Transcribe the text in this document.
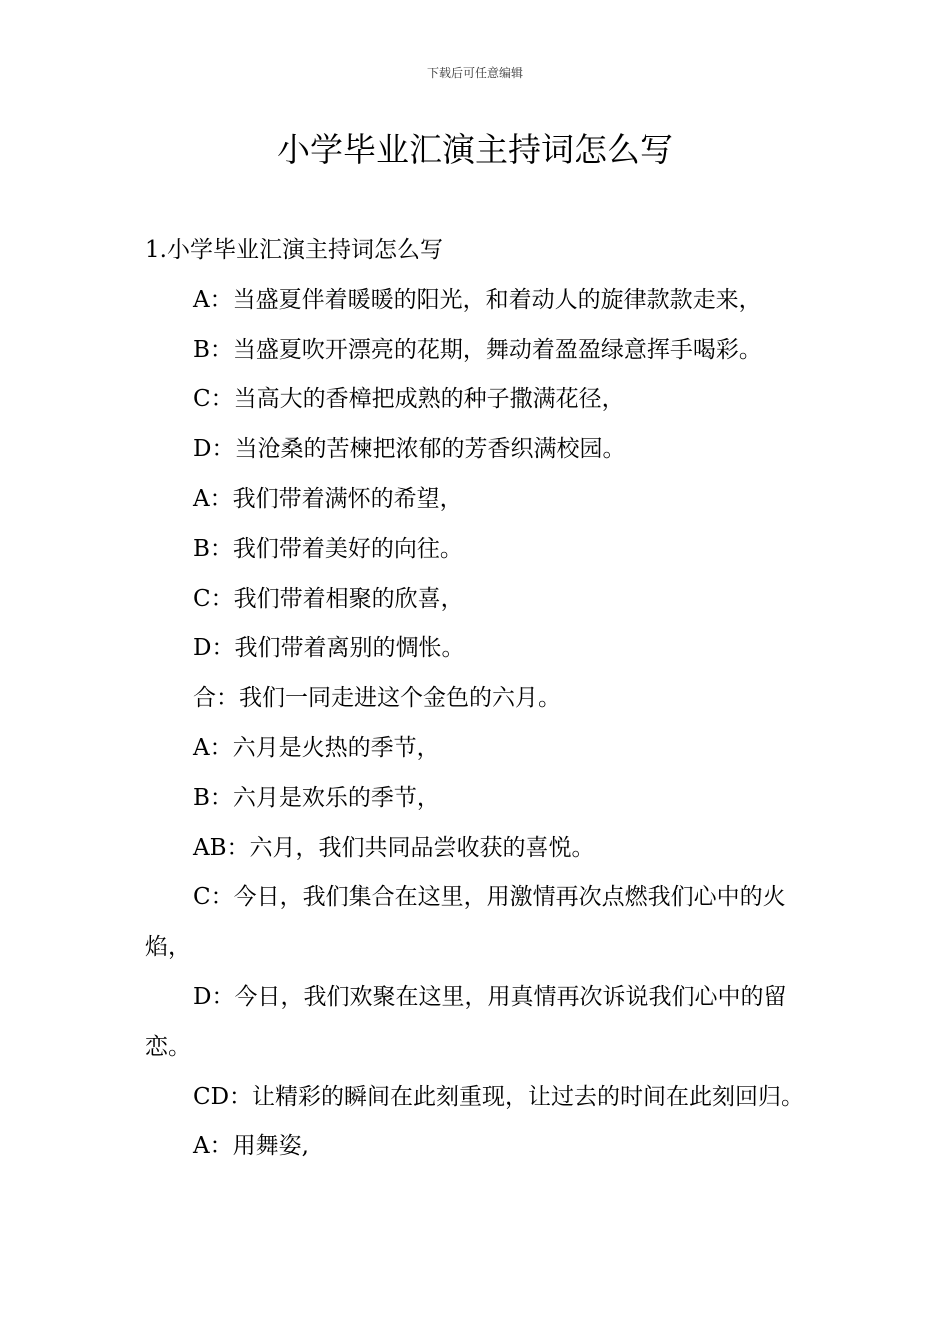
下载后可任意编辑
小学毕业汇演主持词怎么写

1.小学毕业汇演主持词怎么写

A：当盛夏伴着暖暖的阳光，和着动人的旋律款款走来，

B：当盛夏吹开漂亮的花期，舞动着盈盈绿意挥手喝彩。

C：当高大的香樟把成熟的种子撒满花径，

D：当沧桑的苦楝把浓郁的芳香织满校园。

A：我们带着满怀的希望，

B：我们带着美好的向往。

C：我们带着相聚的欣喜，

D：我们带着离别的惆怅。

合：我们一同走进这个金色的六月。

A：六月是火热的季节，

B：六月是欢乐的季节，

AB：六月，我们共同品尝收获的喜悦。

C：今日，我们集合在这里，用激情再次点燃我们心中的火焰，

D：今日，我们欢聚在这里，用真情再次诉说我们心中的留恋。

CD：让精彩的瞬间在此刻重现，让过去的时间在此刻回归。

A：用舞姿,
